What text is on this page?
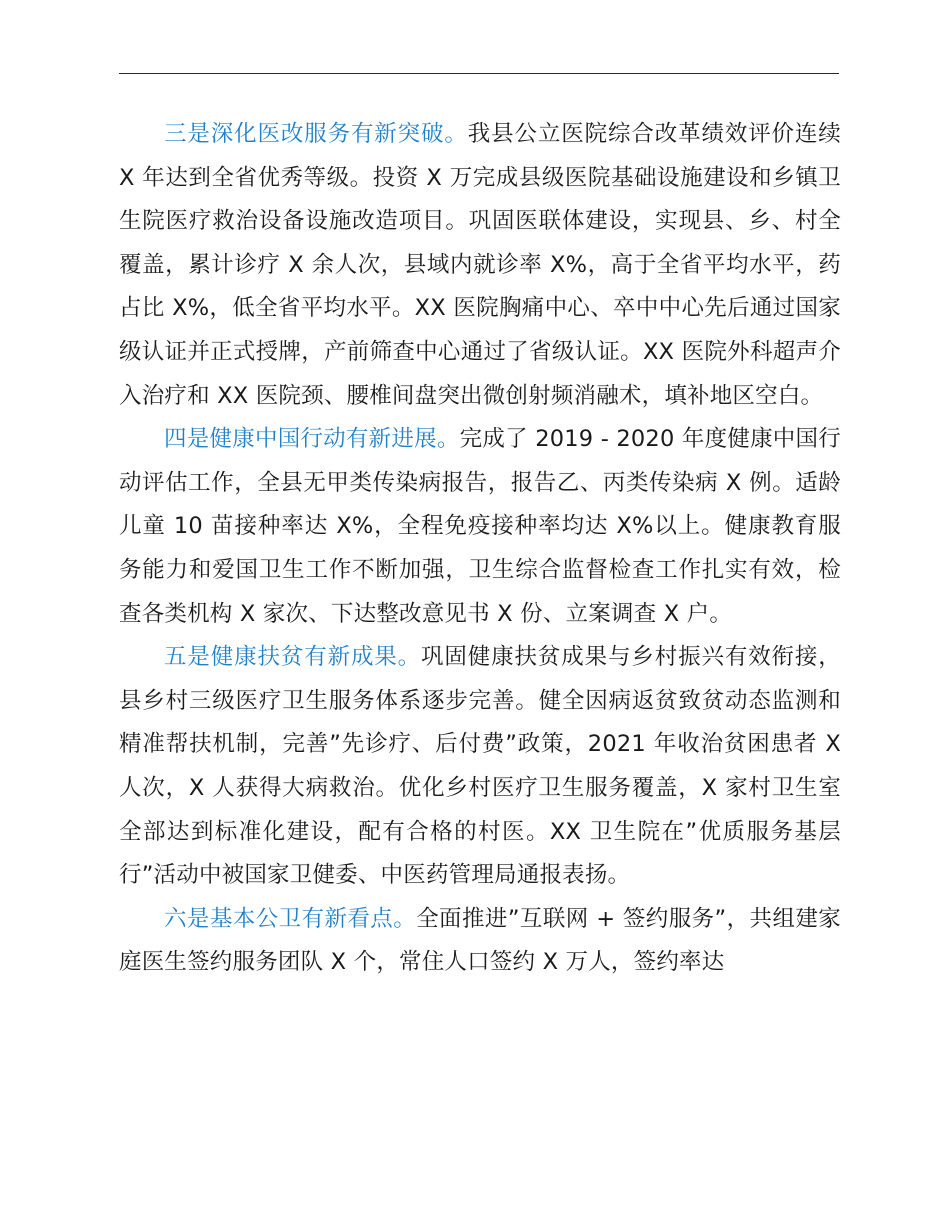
三是深化医改服务有新突破。我县公立医院综合改革绩效评价连续 X 年达到全省优秀等级。投资 X 万完成县级医院基础设施建设和乡镇卫生院医疗救治设备设施改造项目。巩固医联体建设，实现县、乡、村全覆盖，累计诊疗 X 余人次，县域内就诊率 X%，高于全省平均水平，药占比 X%，低全省平均水平。XX 医院胸痛中心、卒中中心先后通过国家级认证并正式授牌，产前筛查中心通过了省级认证。XX 医院外科超声介入治疗和 XX 医院颈、腰椎间盘突出微创射频消融术，填补地区空白。

四是健康中国行动有新进展。完成了 2019 - 2020 年度健康中国行动评估工作，全县无甲类传染病报告，报告乙、丙类传染病 X 例。适龄儿童 10 苗接种率达 X%，全程免疫接种率均达 X%以上。健康教育服务能力和爱国卫生工作不断加强，卫生综合监督检查工作扎实有效，检查各类机构 X 家次、下达整改意见书 X 份、立案调查 X 户。

五是健康扶贫有新成果。巩固健康扶贫成果与乡村振兴有效衔接，县乡村三级医疗卫生服务体系逐步完善。健全因病返贫致贫动态监测和精准帮扶机制，完善”先诊疗、后付费”政策，2021 年收治贫困患者 X 人次，X 人获得大病救治。优化乡村医疗卫生服务覆盖，X 家村卫生室全部达到标准化建设，配有合格的村医。XX 卫生院在”优质服务基层行”活动中被国家卫健委、中医药管理局通报表扬。

六是基本公卫有新看点。全面推进”互联网 + 签约服务”，共组建家庭医生签约服务团队 X 个，常住人口签约 X 万人，签约率达
